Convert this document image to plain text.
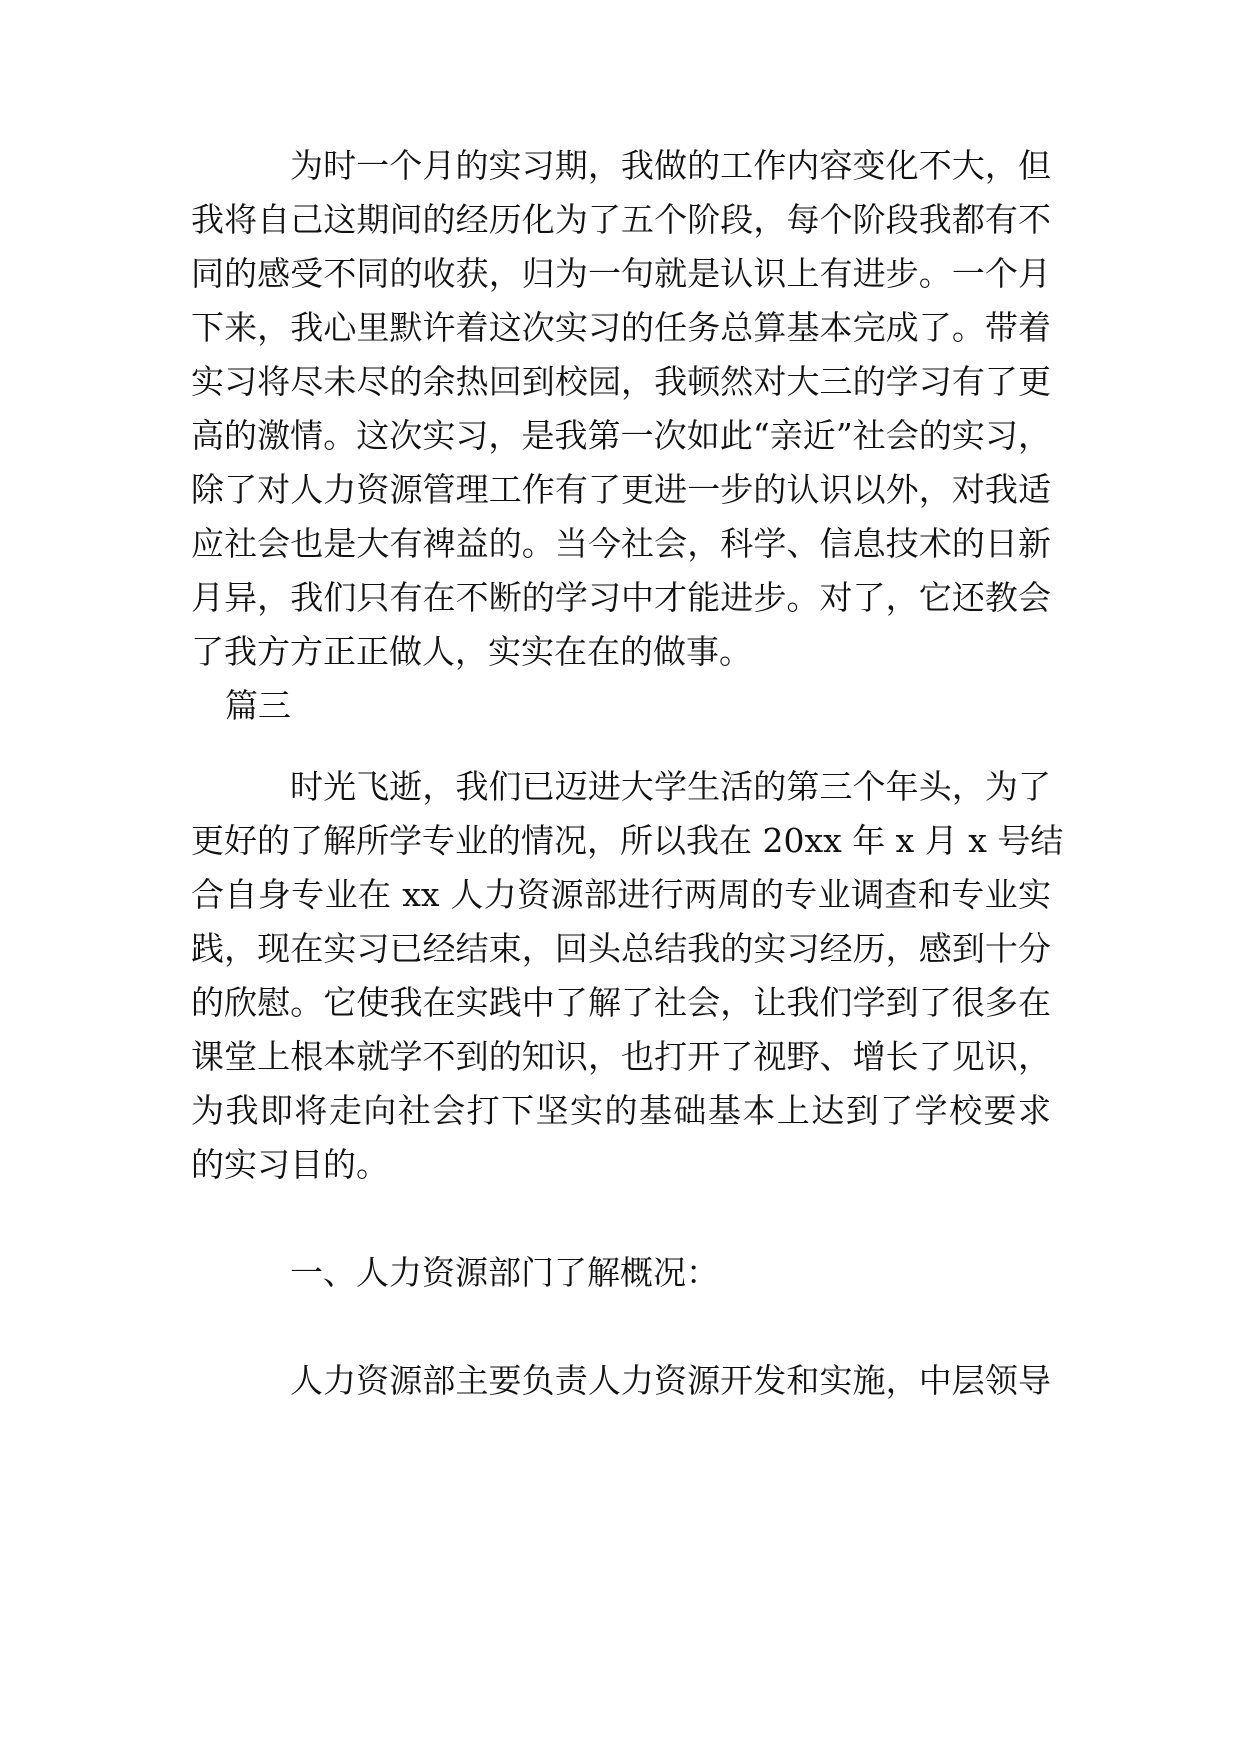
为时一个月的实习期，我做的工作内容变化不大，但
我将自己这期间的经历化为了五个阶段，每个阶段我都有不
同的感受不同的收获，归为一句就是认识上有进步。一个月
下来，我心里默许着这次实习的任务总算基本完成了。带着
实习将尽未尽的余热回到校园，我顿然对大三的学习有了更
高的激情。这次实习，是我第一次如此“亲近”社会的实习，
除了对人力资源管理工作有了更进一步的认识以外，对我适
应社会也是大有裨益的。当今社会，科学、信息技术的日新
月异，我们只有在不断的学习中才能进步。对了，它还教会
了我方方正正做人，实实在在的做事。
篇三
时光飞逝，我们已迈进大学生活的第三个年头，为了
更好的了解所学专业的情况，所以我在 20xx 年 x 月 x 号结
合自身专业在 xx 人力资源部进行两周的专业调查和专业实
践，现在实习已经结束，回头总结我的实习经历，感到十分
的欣慰。它使我在实践中了解了社会，让我们学到了很多在
课堂上根本就学不到的知识，也打开了视野、增长了见识，
为我即将走向社会打下坚实的基础基本上达到了学校要求
的实习目的。
一、人力资源部门了解概况：
人力资源部主要负责人力资源开发和实施，中层领导
